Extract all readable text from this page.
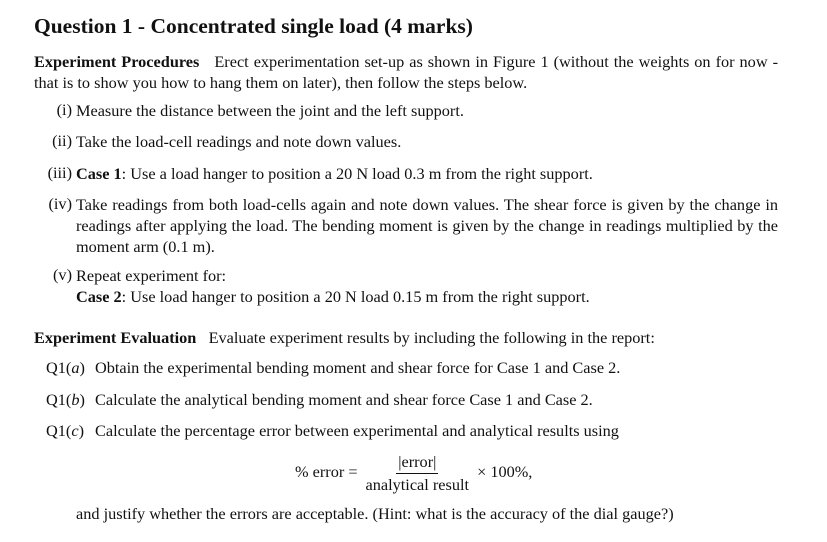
Question 1 - Concentrated single load (4 marks)
Experiment Procedures Erect experimentation set-up as shown in Figure 1 (without the weights on for now - that is to show you how to hang them on later), then follow the steps below.
(i) Measure the distance between the joint and the left support.
(ii) Take the load-cell readings and note down values.
(iii) Case 1: Use a load hanger to position a 20 N load 0.3 m from the right support.
(iv) Take readings from both load-cells again and note down values. The shear force is given by the change in readings after applying the load. The bending moment is given by the change in readings multiplied by the moment arm (0.1 m).
(v) Repeat experiment for:
Case 2: Use load hanger to position a 20 N load 0.15 m from the right support.
Experiment Evaluation Evaluate experiment results by including the following in the report:
Q1(a) Obtain the experimental bending moment and shear force for Case 1 and Case 2.
Q1(b) Calculate the analytical bending moment and shear force Case 1 and Case 2.
Q1(c) Calculate the percentage error between experimental and analytical results using
% error = $\frac{\text{|error|}}{\text{analytical result}} \times 100\%$,
and justify whether the errors are acceptable. (Hint: what is the accuracy of the dial gauge?)
